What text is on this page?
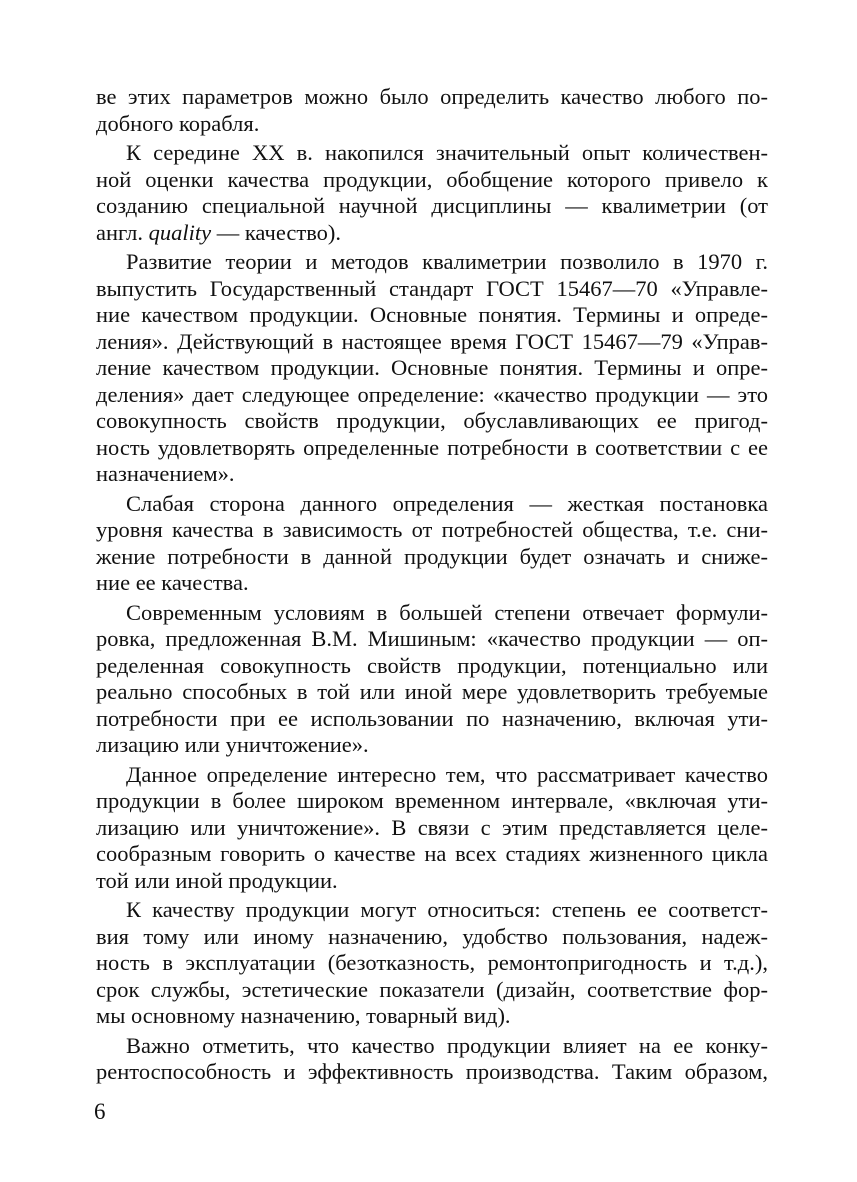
ве этих параметров можно было определить качество любого по-
добного корабля.
К середине XX в. накопился значительный опыт количествен-
ной оценки качества продукции, обобщение которого привело к
созданию специальной научной дисциплины — квалиметрии (от
англ. quality — качество).
Развитие теории и методов квалиметрии позволило в 1970 г.
выпустить Государственный стандарт ГОСТ 15467—70 «Управле-
ние качеством продукции. Основные понятия. Термины и опреде-
ления». Действующий в настоящее время ГОСТ 15467—79 «Управ-
ление качеством продукции. Основные понятия. Термины и опре-
деления» дает следующее определение: «качество продукции — это
совокупность свойств продукции, обуславливающих ее пригод-
ность удовлетворять определенные потребности в соответствии с ее
назначением».
Слабая сторона данного определения — жесткая постановка
уровня качества в зависимость от потребностей общества, т.е. сни-
жение потребности в данной продукции будет означать и сниже-
ние ее качества.
Современным условиям в большей степени отвечает формули-
ровка, предложенная В.М. Мишиным: «качество продукции — оп-
ределенная совокупность свойств продукции, потенциально или
реально способных в той или иной мере удовлетворить требуемые
потребности при ее использовании по назначению, включая ути-
лизацию или уничтожение».
Данное определение интересно тем, что рассматривает качество
продукции в более широком временном интервале, «включая ути-
лизацию или уничтожение». В связи с этим представляется целе-
сообразным говорить о качестве на всех стадиях жизненного цикла
той или иной продукции.
К качеству продукции могут относиться: степень ее соответст-
вия тому или иному назначению, удобство пользования, надеж-
ность в эксплуатации (безотказность, ремонтопригодность и т.д.),
срок службы, эстетические показатели (дизайн, соответствие фор-
мы основному назначению, товарный вид).
Важно отметить, что качество продукции влияет на ее конку-
рентоспособность и эффективность производства. Таким образом,
6
